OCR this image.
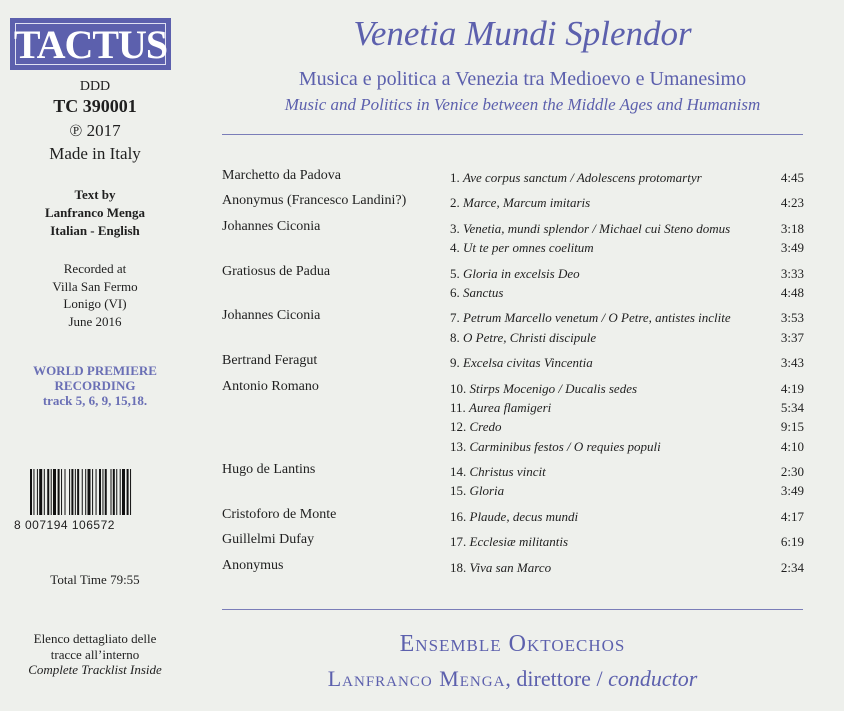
TACTUS
DDD
TC 390001
℗ 2017
Made in Italy
Text by
Lanfranco Menga
Italian - English
Recorded at
Villa San Fermo
Lonigo (VI)
June 2016
WORLD PREMIERE
RECORDING
track 5, 6, 9, 15,18.
8 007194 106572
Total Time 79:55
Elenco dettagliato delle
tracce all’interno
Complete Tracklist Inside
Venetia Mundi Splendor
Musica e politica a Venezia tra Medioevo e Umanesimo
Music and Politics in Venice between the Middle Ages and Humanism
Marchetto da Padova	1. Ave corpus sanctum / Adolescens protomartyr	4:45
Anonymus (Francesco Landini?)	2. Marce, Marcum imitaris	4:23
Johannes Ciconia	3. Venetia, mundi splendor / Michael cui Steno domus	3:18
4. Ut te per omnes coelitum	3:49
Gratiosus de Padua	5. Gloria in excelsis Deo	3:33
6. Sanctus	4:48
Johannes Ciconia	7. Petrum Marcello venetum / O Petre, antistes inclite	3:53
8. O Petre, Christi discipule	3:37
Bertrand Feragut	9. Excelsa civitas Vincentia	3:43
Antonio Romano	10. Stirps Mocenigo / Ducalis sedes	4:19
11. Aurea flamigeri	5:34
12. Credo	9:15
13. Carminibus festos / O requies populi	4:10
Hugo de Lantins	14. Christus vincit	2:30
15. Gloria	3:49
Cristoforo de Monte	16. Plaude, decus mundi	4:17
Guillelmi Dufay	17. Ecclesiæ militantis	6:19
Anonymus	18. Viva san Marco	2:34
Ensemble Oktoechos
Lanfranco Menga, direttore / conductor
